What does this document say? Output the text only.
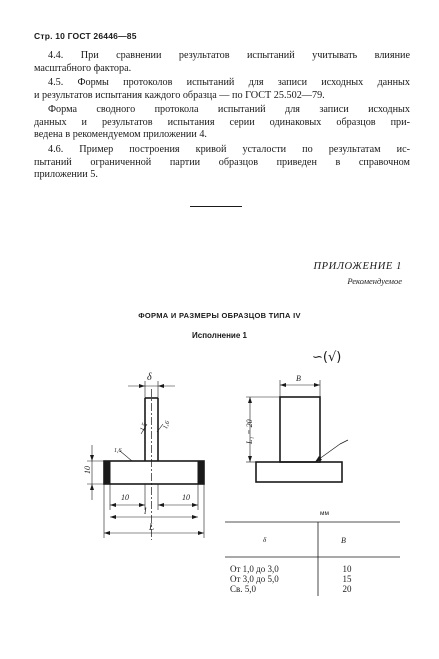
Стр. 10 ГОСТ 26446—85
4.4. При сравнении результатов испытаний учитывать влияние
масштабного фактора.
4.5. Формы протоколов испытаний для записи исходных данных
и результатов испытания каждого образца — по ГОСТ 25.502—79.
Форма сводного протокола испытаний для записи исходных
данных и результатов испытания серии одинаковых образцов при-
ведена в рекомендуемом приложении 4.
4.6. Пример построения кривой усталости по результатам ис-
пытаний ограниченной партии образцов приведен в справочном
приложении 5.
ПРИЛОЖЕНИЕ 1
Рекомендуемое
ФОРМА И РАЗМЕРЫ ОБРАЗЦОВ ТИПА IV
Исполнение 1
∽(√)
δ
10
1,6
1,5 1,6
10	10
l
L
B
L₁ = 20
мм
δ	B
От 1,0 до 3,0
От 3,0 до 5,0
Св. 5,0
10
15
20
